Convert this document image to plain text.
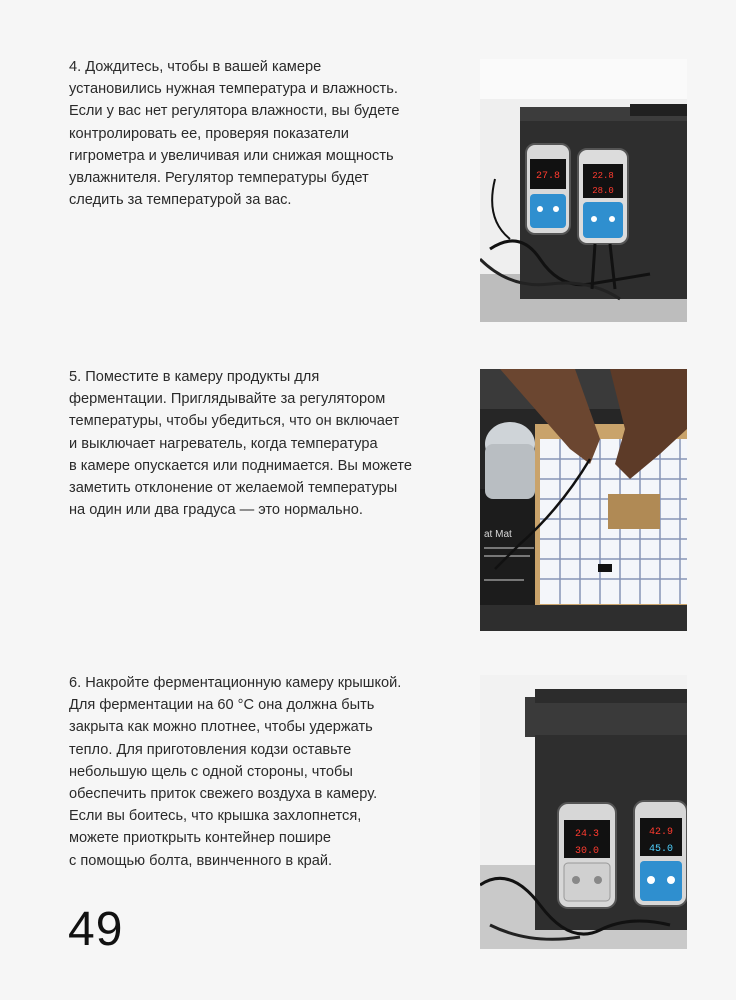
4. Дождитесь, чтобы в вашей камере
установились нужная температура и влажность.
Если у вас нет регулятора влажности, вы будете
контролировать ее, проверяя показатели
гигрометра и увеличивая или снижая мощность
увлажнителя. Регулятор температуры будет
следить за температурой за вас.

27.8	22.8
28.0

5. Поместите в камеру продукты для
ферментации. Приглядывайте за регулятором
температуры, чтобы убедиться, что он включает
и выключает нагреватель, когда температура
в камере опускается или поднимается. Вы можете
заметить отклонение от желаемой температуры
на один или два градуса — это нормально.

at Mat

6. Накройте ферментационную камеру крышкой.
Для ферментации на 60 °C она должна быть
закрыта как можно плотнее, чтобы удержать
тепло. Для приготовления кодзи оставьте
небольшую щель с одной стороны, чтобы
обеспечить приток свежего воздуха в камеру.
Если вы боитесь, что крышка захлопнется,
можете приоткрыть контейнер пошире
с помощью болта, ввинченного в край.

24.3
30.0
42.9
45.0
49
